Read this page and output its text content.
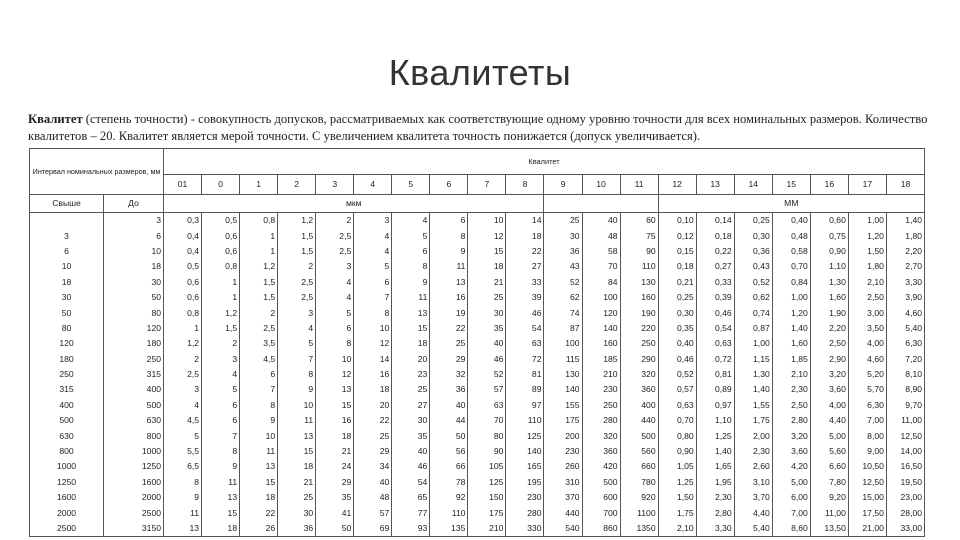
Квалитеты
Квалитет (степень точности) - совокупность допусков, рассматриваемых как соответствующие одному уровню точности для всех номинальных размеров. Количество квалитетов – 20. Квалитет является мерой точности. С увеличением квалитета точность понижается (допуск увеличивается).
Интервал номинальных размеров, мм		Квалитет																			
		01	0	1	2	3	4	5	6	7	8	9	10	11	12	13	14	15	16	17	18
Свыше	До	мкм													ММ						
	3	0,3	0,5	0,8	1,2	2	3	4	6	10	14	25	40	60	0,10	0,14	0,25	0,40	0,60	1,00	1,40
3	6	0,4	0,6	1	1,5	2,5	4	5	8	12	18	30	48	75	0,12	0,18	0,30	0,48	0,75	1,20	1,80
6	10	0,4	0,6	1	1,5	2,5	4	6	9	15	22	36	58	90	0,15	0,22	0,36	0,58	0,90	1,50	2,20
10	18	0,5	0,8	1,2	2	3	5	8	11	18	27	43	70	110	0,18	0,27	0,43	0,70	1,10	1,80	2,70
18	30	0,6	1	1,5	2,5	4	6	9	13	21	33	52	84	130	0,21	0,33	0,52	0,84	1,30	2,10	3,30
30	50	0,6	1	1,5	2,5	4	7	11	16	25	39	62	100	160	0,25	0,39	0,62	1,00	1,60	2,50	3,90
50	80	0,8	1,2	2	3	5	8	13	19	30	46	74	120	190	0,30	0,46	0,74	1,20	1,90	3,00	4,60
80	120	1	1,5	2,5	4	6	10	15	22	35	54	87	140	220	0,35	0,54	0,87	1,40	2,20	3,50	5,40
120	180	1,2	2	3,5	5	8	12	18	25	40	63	100	160	250	0,40	0,63	1,00	1,60	2,50	4,00	6,30
180	250	2	3	4,5	7	10	14	20	29	46	72	115	185	290	0,46	0,72	1,15	1,85	2,90	4,60	7,20
250	315	2,5	4	6	8	12	16	23	32	52	81	130	210	320	0,52	0,81	1,30	2,10	3,20	5,20	8,10
315	400	3	5	7	9	13	18	25	36	57	89	140	230	360	0,57	0,89	1,40	2,30	3,60	5,70	8,90
400	500	4	6	8	10	15	20	27	40	63	97	155	250	400	0,63	0,97	1,55	2,50	4,00	6,30	9,70
500	630	4,5	6	9	11	16	22	30	44	70	110	175	280	440	0,70	1,10	1,75	2,80	4,40	7,00	11,00
630	800	5	7	10	13	18	25	35	50	80	125	200	320	500	0,80	1,25	2,00	3,20	5,00	8,00	12,50
800	1000	5,5	8	11	15	21	29	40	56	90	140	230	360	560	0,90	1,40	2,30	3,60	5,60	9,00	14,00
1000	1250	6,5	9	13	18	24	34	46	66	105	165	260	420	660	1,05	1,65	2,60	4,20	6,60	10,50	16,50
1250	1600	8	11	15	21	29	40	54	78	125	195	310	500	780	1,25	1,95	3,10	5,00	7,80	12,50	19,50
1600	2000	9	13	18	25	35	48	65	92	150	230	370	600	920	1,50	2,30	3,70	6,00	9,20	15,00	23,00
2000	2500	11	15	22	30	41	57	77	110	175	280	440	700	1100	1,75	2,80	4,40	7,00	11,00	17,50	28,00
2500	3150	13	18	26	36	50	69	93	135	210	330	540	860	1350	2,10	3,30	5,40	8,60	13,50	21,00	33,00
